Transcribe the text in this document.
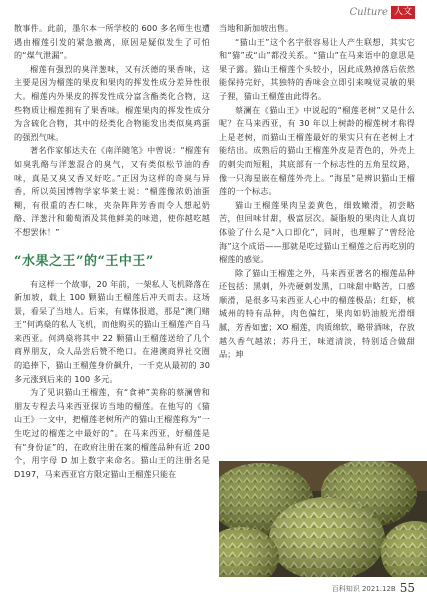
Culture 人文

散事件。此前，墨尔本一所学校的 600 多名师生也遭遇由榴莲引发的紧急撤离，原因是疑似发生了可怕的“煤气泄漏”。

榴莲有强烈的臭洋葱味，又有沃德的果香味，这主要是因为榴莲的果皮和果肉的挥发性成分差异性很大。榴莲内外果皮的挥发性成分富含酯类化合物，这些物质让榴莲拥有了果香味。榴莲果肉的挥发性成分为含硫化合物，其中的烃类化合物能发出类似臭鸡蛋的强烈气味。

著名作家郁达夫在《南洋随笔》中曾说：“榴莲有如臭乳酪与洋葱混合的臭气，又有类似松节油的香味，真是又臭又香又好吃。”正因为这样的奇臭与异香，所以英国博物学家华莱士说：“榴莲像浓奶油蛋糊，有很重的杏仁味，夹杂阵阵芳香而令人想起奶酪、洋葱汁和葡萄酒及其他鲜美的味道，使你越吃越不想罢休！”

“水果之王”的“王中王”

有这样一个故事，20 年前，一架私人飞机降落在新加坡，载上 100 颗猫山王榴莲后冲天而去。这场景，看呆了当地人。后来，有媒体报道，那是“澳门赌王”何鸿燊的私人飞机，而他购买的猫山王榴莲产自马来西亚。何鸿燊将其中 22 颗猫山王榴莲送给了几个商界朋友，众人品尝后赞不绝口。在港澳商界社交圈的追捧下，猫山王榴莲身价飙升，一千克从最初的 30 多元涨到后来的 100 多元。

为了见识猫山王榴莲，有“食神”美称的蔡澜曾和朋友专程去马来西亚探访当地的榴莲。在他写的《猫山王》一文中，把榴莲老树所产的猫山王榴莲称为“一生吃过的榴莲之中最好的”。在马来西亚，好榴莲是有“身份证”的，在政府注册在案的榴莲品种有近 200 个，用字母 D 加上数字来命名。猫山王的注册名是 D197，马来西亚官方限定猫山王榴莲只能在

当地和新加坡出售。

“猫山王”这个名字很容易让人产生联想，其实它和“猫”或“山”都没关系。“猫山”在马来语中的意思是果子露。猫山王榴莲个头较小，因此成熟掉落后依然能保持完好，其独特的香味会立即引来嗅觉灵敏的果子狸，猫山王榴莲由此得名。

蔡澜在《猫山王》中说起的“榴莲老树”又是什么呢？在马来西亚，有 30 年以上树龄的榴莲树才称得上是老树，而猫山王榴莲最好的果实只有在老树上才能结出。成熟后的猫山王榴莲外皮是青色的，外壳上的刺尖而短粗，其底部有一个标志性的五角星纹路，像一只海星嵌在榴莲外壳上。“海星”是辨识猫山王榴莲的一个标志。

猫山王榴莲果肉呈姜黄色，细致嫩滑，初尝略苦，但回味甘甜，极富层次。凝脂般的果肉让人真切体验了什么是“入口即化”，同时，也理解了“曾经沧海”这个成语——那就是吃过猫山王榴莲之后再吃别的榴莲的感觉。

除了猫山王榴莲之外，马来西亚著名的榴莲品种还包括：黑刺，外壳硬刺发黑，口味甜中略苦，口感顺滑，是很多马来西亚人心中的榴莲极品；红虾，槟城州的特有品种，肉色偏红，果肉如奶油般光滑细腻，芳香如蜜；XO 榴莲，肉质绵软，略带酒味，存放越久香气越浓；苏丹王，味道清淡，特别适合做甜品；坤

百科知识 2021.12B 55
